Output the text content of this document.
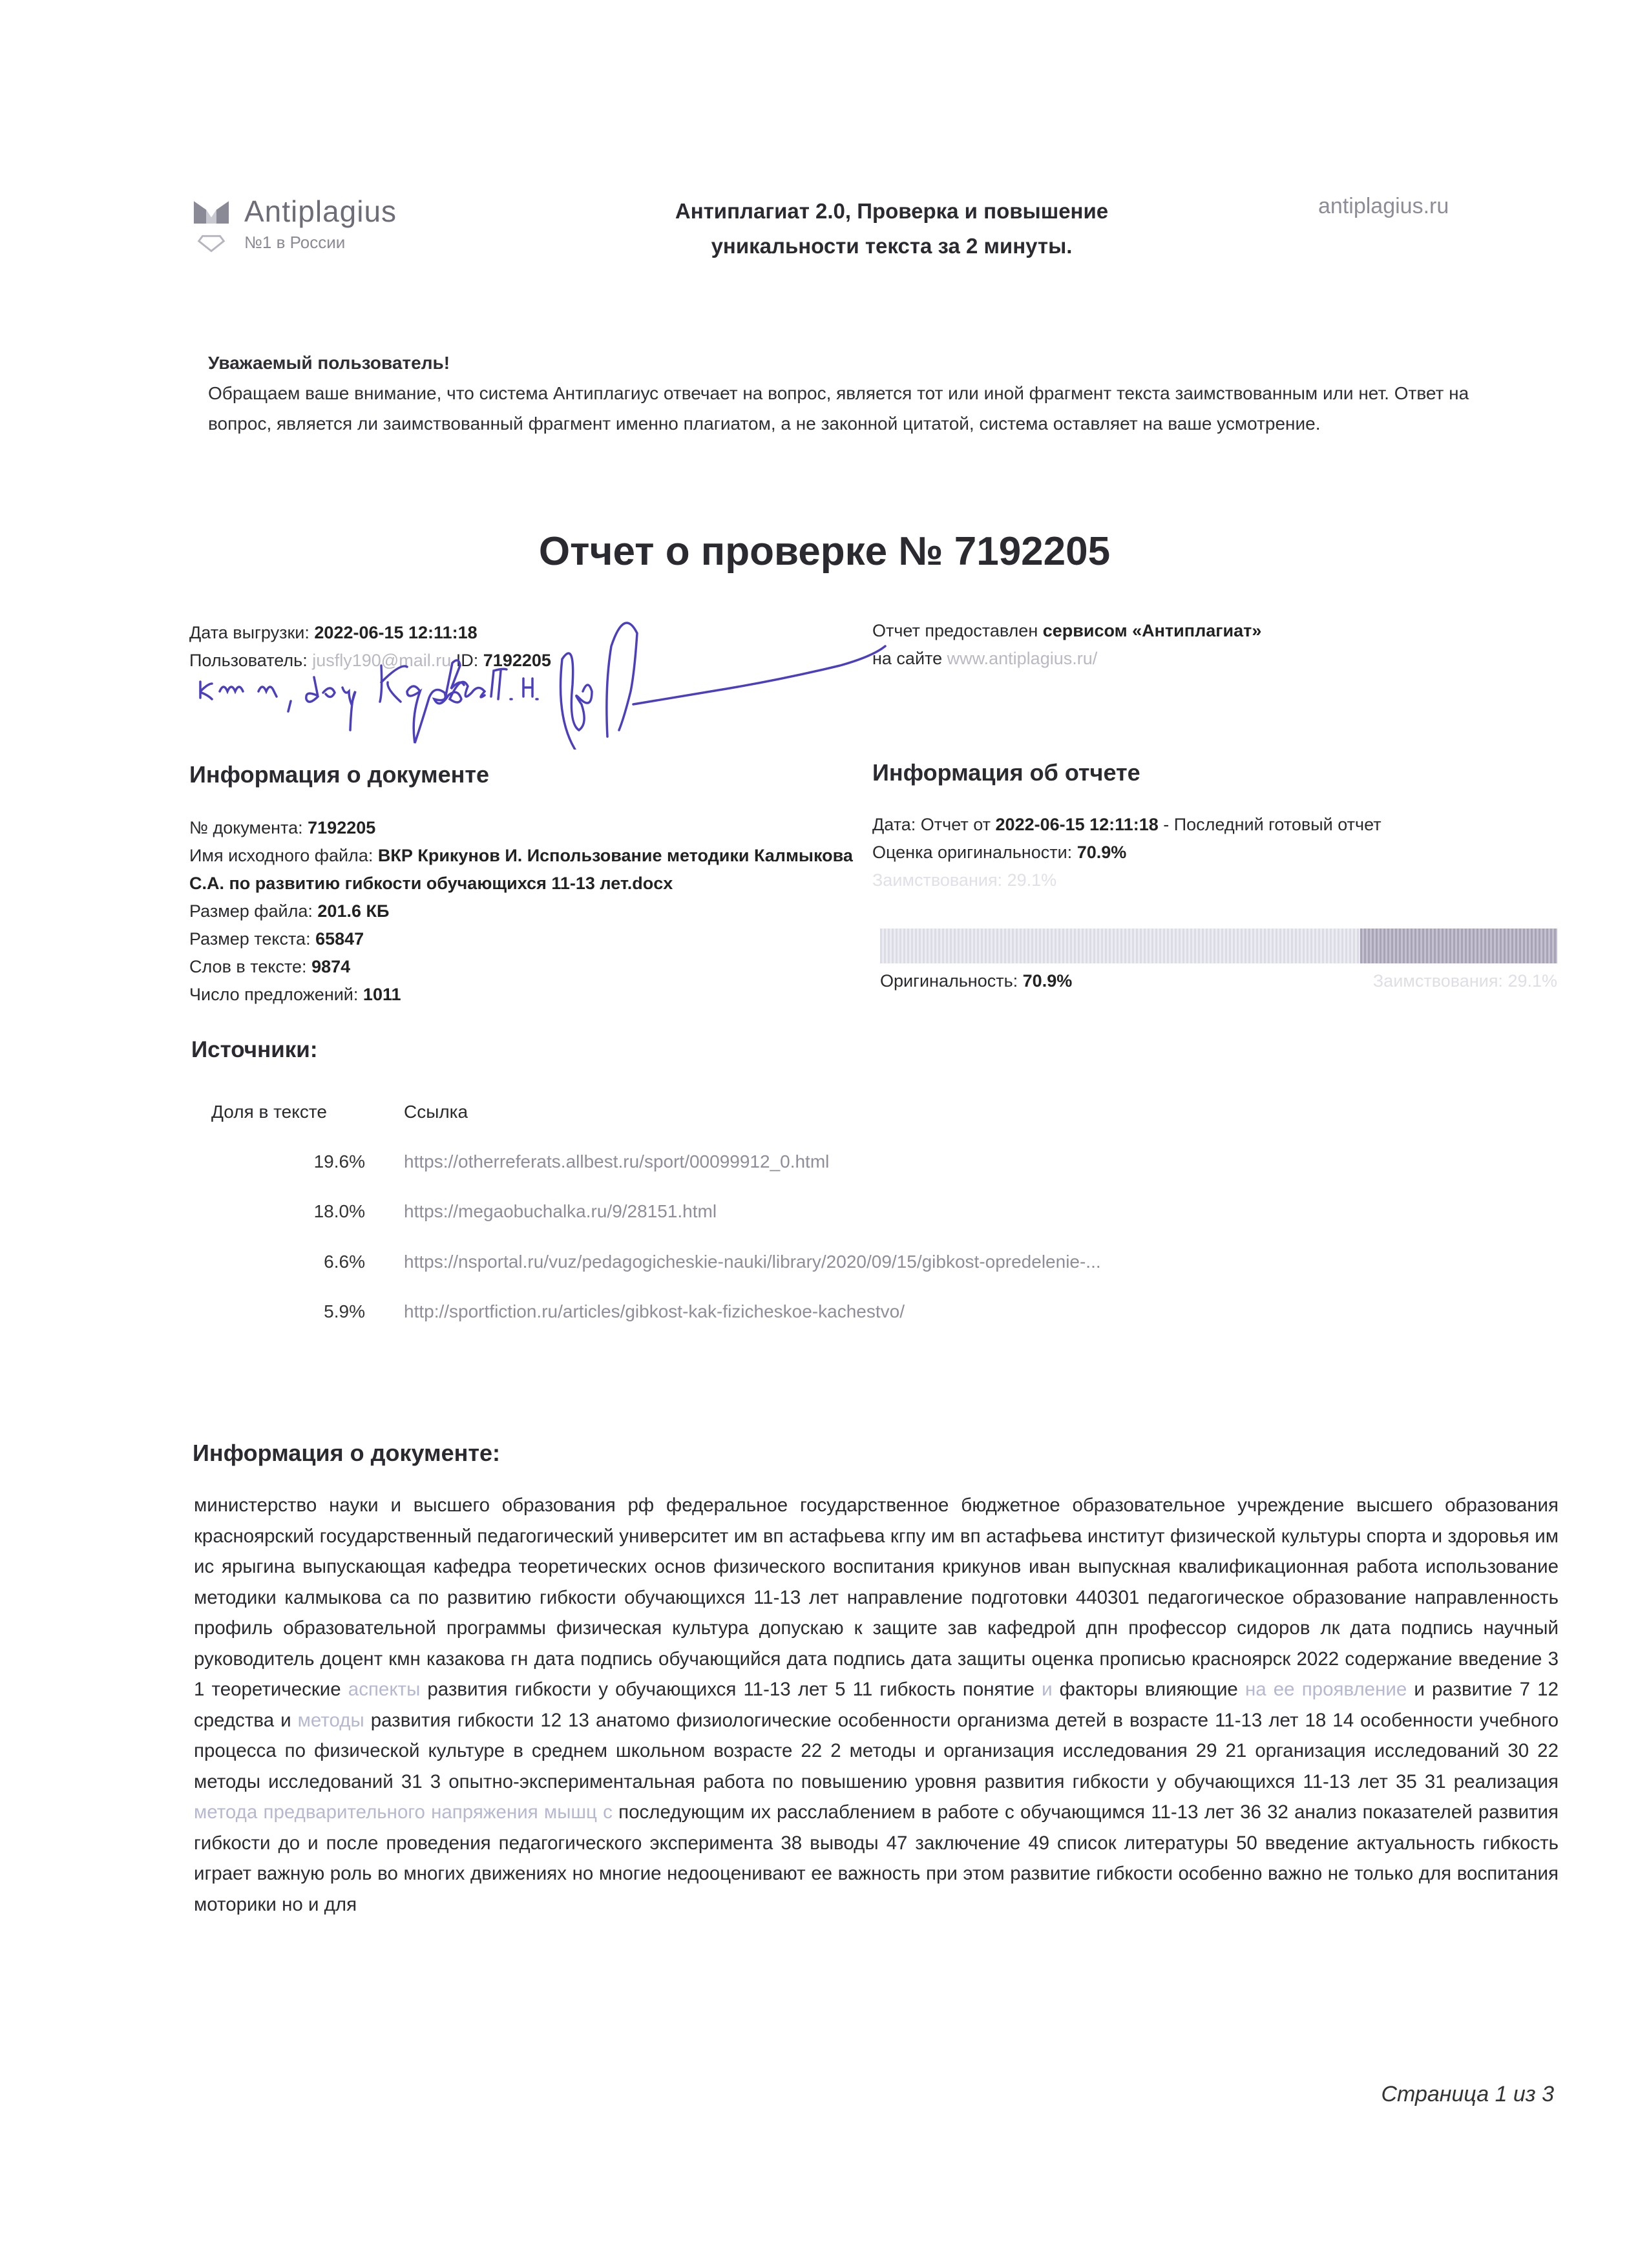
Antiplagius
№1 в России
Антиплагиат 2.0, Проверка и повышение
уникальности текста за 2 минуты.
antiplagius.ru
Уважаемый пользователь!
Обращаем ваше внимание, что система Антиплагиус отвечает на вопрос, является тот или иной фрагмент текста заимствованным или нет. Ответ на вопрос, является ли заимствованный фрагмент именно плагиатом, а не законной цитатой, система оставляет на ваше усмотрение.
Отчет о проверке № 7192205
Дата выгрузки: 2022-06-15 12:11:18
Пользователь: jusfly190@mail.ru ID: 7192205
Отчет предоставлен сервисом «Антиплагиат»
на сайте www.antiplagius.ru/
Информация о документе
№ документа: 7192205
Имя исходного файла: ВКР Крикунов И. Использование методики Калмыкова С.А. по развитию гибкости обучающихся 11-13 лет.docx
Размер файла: 201.6 КБ
Размер текста: 65847
Слов в тексте: 9874
Число предложений: 1011
Информация об отчете
Дата: Отчет от 2022-06-15 12:11:18 - Последний готовый отчет
Оценка оригинальности: 70.9%
Заимствования: 29.1%
Оригинальность: 70.9%	Заимствования: 29.1%
Источники:
Доля в тексте	Ссылка
19.6% https://otherreferats.allbest.ru/sport/00099912_0.html
18.0% https://megaobuchalka.ru/9/28151.html
6.6% https://nsportal.ru/vuz/pedagogicheskie-nauki/library/2020/09/15/gibkost-opredelenie-...
5.9% http://sportfiction.ru/articles/gibkost-kak-fizicheskoe-kachestvo/
Информация о документе:
министерство науки и высшего образования рф федеральное государственное бюджетное образовательное учреждение высшего образования красноярский государственный педагогический университет им вп астафьева кгпу им вп астафьева институт физической культуры спорта и здоровья им ис ярыгина выпускающая кафедра теоретических основ физического воспитания крикунов иван выпускная квалификационная работа использование методики калмыкова са по развитию гибкости обучающихся 11-13 лет направление подготовки 440301 педагогическое образование направленность профиль образовательной программы физическая культура допускаю к защите зав кафедрой дпн профессор сидоров лк дата подпись научный руководитель доцент кмн казакова гн дата подпись обучающийся дата подпись дата защиты оценка прописью красноярск 2022 содержание введение 3 1 теоретические аспекты развития гибкости у обучающихся 11-13 лет 5 11 гибкость понятие и факторы влияющие на ее проявление и развитие 7 12 средства и методы развития гибкости 12 13 анатомо физиологические особенности организма детей в возрасте 11-13 лет 18 14 особенности учебного процесса по физической культуре в среднем школьном возрасте 22 2 методы и организация исследования 29 21 организация исследований 30 22 методы исследований 31 3 опытно-экспериментальная работа по повышению уровня развития гибкости у обучающихся 11-13 лет 35 31 реализация метода предварительного напряжения мышц с последующим их расслаблением в работе с обучающимся 11-13 лет 36 32 анализ показателей развития гибкости до и после проведения педагогического эксперимента 38 выводы 47 заключение 49 список литературы 50 введение актуальность гибкость играет важную роль во многих движениях но многие недооценивают ее важность при этом развитие гибкости особенно важно не только для воспитания моторики но и для
Страница 1 из 3
